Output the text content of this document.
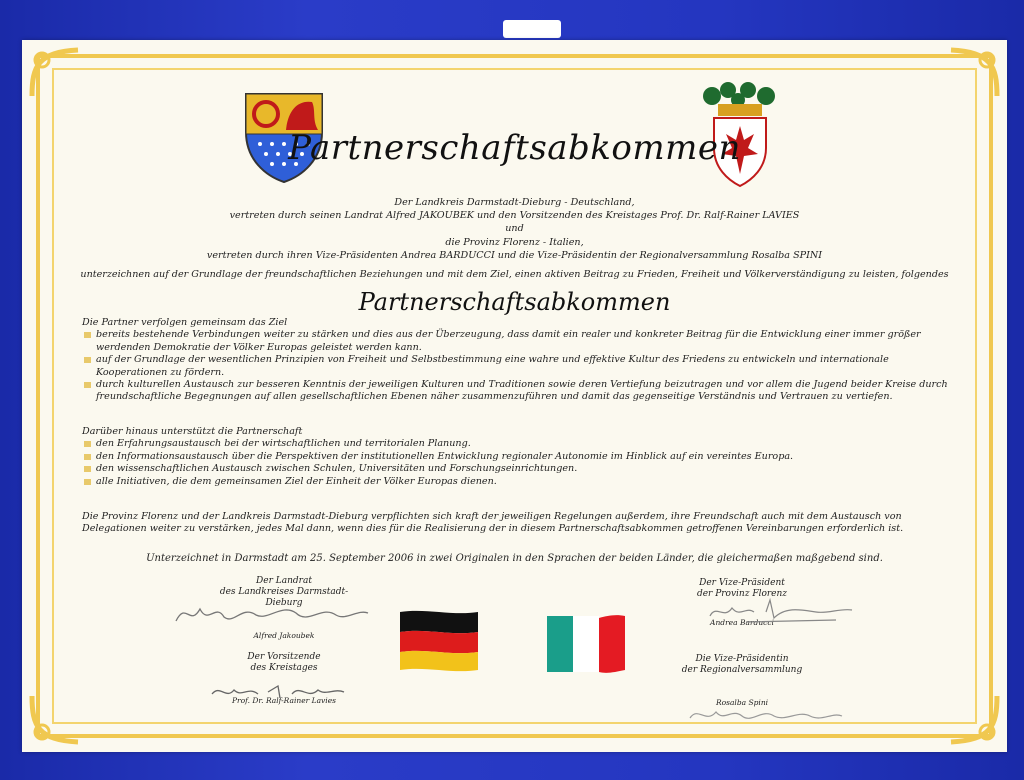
Partnerschaftsabkommen
Der Landkreis Darmstadt-Dieburg - Deutschland,
vertreten durch seinen Landrat Alfred JAKOUBEK und den Vorsitzenden des Kreistages Prof. Dr. Ralf-Rainer LAVIES
und
die Provinz Florenz - Italien,
vertreten durch ihren Vize-Präsidenten Andrea BARDUCCI und die Vize-Präsidentin der Regionalversammlung Rosalba SPINI
unterzeichnen auf der Grundlage der freundschaftlichen Beziehungen und mit dem Ziel, einen aktiven Beitrag zu Frieden, Freiheit und Völkerverständigung zu leisten, folgendes
Partnerschaftsabkommen
Die Partner verfolgen gemeinsam das Ziel
bereits bestehende Verbindungen weiter zu stärken und dies aus der Überzeugung, dass damit ein realer und konkreter Beitrag für die Entwicklung einer immer größer werdenden Demokratie der Völker Europas geleistet werden kann.
auf der Grundlage der wesentlichen Prinzipien von Freiheit und Selbstbestimmung eine wahre und effektive Kultur des Friedens zu entwickeln und internationale Kooperationen zu fördern.
durch kulturellen Austausch zur besseren Kenntnis der jeweiligen Kulturen und Traditionen sowie deren Vertiefung beizutragen und vor allem die Jugend beider Kreise durch freundschaftliche Begegnungen auf allen gesellschaftlichen Ebenen näher zusammenzuführen und damit das gegenseitige Verständnis und Vertrauen zu vertiefen.
Darüber hinaus unterstützt die Partnerschaft
den Erfahrungsaustausch bei der wirtschaftlichen und territorialen Planung.
den Informationsaustausch über die Perspektiven der institutionellen Entwicklung regionaler Autonomie im Hinblick auf ein vereintes Europa.
den wissenschaftlichen Austausch zwischen Schulen, Universitäten und Forschungseinrichtungen.
alle Initiativen, die dem gemeinsamen Ziel der Einheit der Völker Europas dienen.
Die Provinz Florenz und der Landkreis Darmstadt-Dieburg verpflichten sich kraft der jeweiligen Regelungen außerdem, ihre Freundschaft auch mit dem Austausch von Delegationen weiter zu verstärken, jedes Mal dann, wenn dies für die Realisierung der in diesem Partnerschaftsabkommen getroffenen Vereinbarungen erforderlich ist.
Unterzeichnet in Darmstadt am 25. September 2006 in zwei Originalen in den Sprachen der beiden Länder, die gleichermaßen maßgebend sind.
Der Landrat
des Landkreises Darmstadt-Dieburg
Alfred Jakoubek
Der Vorsitzende
des Kreistages
Prof. Dr. Ralf-Rainer Lavies
Der Vize-Präsident
der Provinz Florenz
Andrea Barducci
Die Vize-Präsidentin
der Regionalversammlung
Rosalba Spini
